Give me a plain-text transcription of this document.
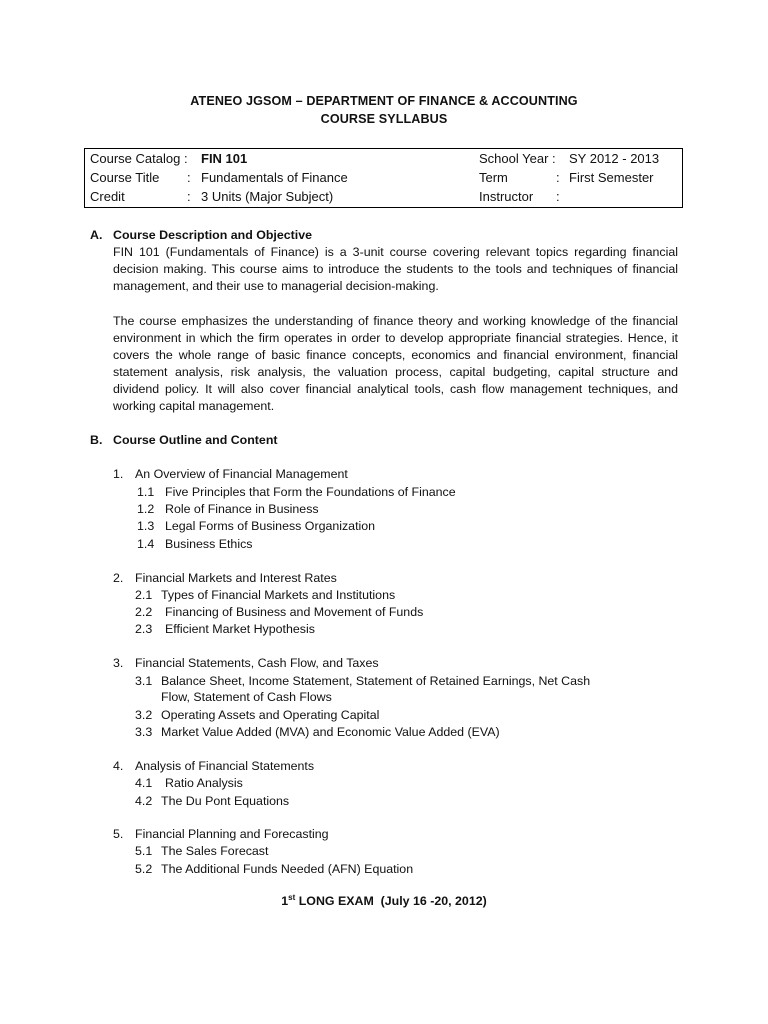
ATENEO JGSOM – DEPARTMENT OF FINANCE & ACCOUNTING
COURSE SYLLABUS
Course Catalog : FIN 101	School Year : SY 2012 - 2013
Course Title : Fundamentals of Finance	Term	: First Semester
Credit	: 3 Units (Major Subject)	Instructor :
A. Course Description and Objective

FIN 101 (Fundamentals of Finance) is a 3-unit course covering relevant topics regarding financial decision making. This course aims to introduce the students to the tools and techniques of financial management, and their use to managerial decision-making.

The course emphasizes the understanding of finance theory and working knowledge of the financial environment in which the firm operates in order to develop appropriate financial strategies. Hence, it covers the whole range of basic finance concepts, economics and financial environment, financial statement analysis, risk analysis, the valuation process, capital budgeting, capital structure and dividend policy. It will also cover financial analytical tools, cash flow management techniques, and working capital management.

B. Course Outline and Content
1. An Overview of Financial Management
1.1 Five Principles that Form the Foundations of Finance
1.2 Role of Finance in Business
1.3 Legal Forms of Business Organization
1.4 Business Ethics
2. Financial Markets and Interest Rates
2.1 Types of Financial Markets and Institutions
2.2 Financing of Business and Movement of Funds
2.3 Efficient Market Hypothesis
3. Financial Statements, Cash Flow, and Taxes
3.1 Balance Sheet, Income Statement, Statement of Retained Earnings, Net Cash
Flow, Statement of Cash Flows
3.2 Operating Assets and Operating Capital
3.3 Market Value Added (MVA) and Economic Value Added (EVA)
4. Analysis of Financial Statements
4.1 Ratio Analysis
4.2 The Du Pont Equations
5. Financial Planning and Forecasting
5.1 The Sales Forecast
5.2 The Additional Funds Needed (AFN) Equation
1st LONG EXAM  (July 16 -20, 2012)
